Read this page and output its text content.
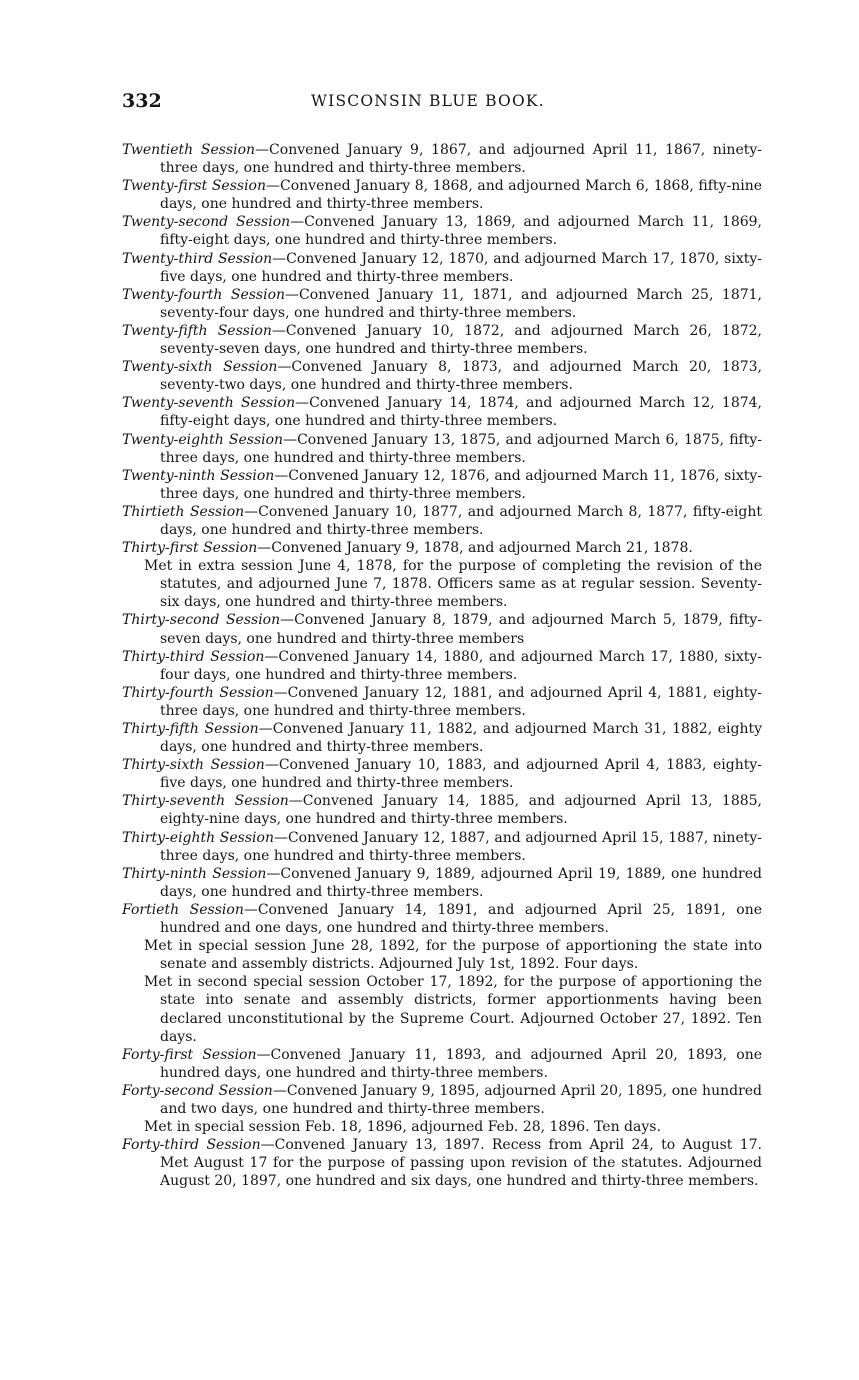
332	WISCONSIN BLUE BOOK.
Twentieth Session—Convened January 9, 1867, and adjourned April 11, 1867, ninety-three days, one hundred and thirty-three members.
Twenty-first Session—Convened January 8, 1868, and adjourned March 6, 1868, fifty-nine days, one hundred and thirty-three members.
Twenty-second Session—Convened January 13, 1869, and adjourned March 11, 1869, fifty-eight days, one hundred and thirty-three members.
Twenty-third Session—Convened January 12, 1870, and adjourned March 17, 1870, sixty-five days, one hundred and thirty-three members.
Twenty-fourth Session—Convened January 11, 1871, and adjourned March 25, 1871, seventy-four days, one hundred and thirty-three members.
Twenty-fifth Session—Convened January 10, 1872, and adjourned March 26, 1872, seventy-seven days, one hundred and thirty-three members.
Twenty-sixth Session—Convened January 8, 1873, and adjourned March 20, 1873, seventy-two days, one hundred and thirty-three members.
Twenty-seventh Session—Convened January 14, 1874, and adjourned March 12, 1874, fifty-eight days, one hundred and thirty-three members.
Twenty-eighth Session—Convened January 13, 1875, and adjourned March 6, 1875, fifty-three days, one hundred and thirty-three members.
Twenty-ninth Session—Convened January 12, 1876, and adjourned March 11, 1876, sixty-three days, one hundred and thirty-three members.
Thirtieth Session—Convened January 10, 1877, and adjourned March 8, 1877, fifty-eight days, one hundred and thirty-three members.
Thirty-first Session—Convened January 9, 1878, and adjourned March 21, 1878.
Met in extra session June 4, 1878, for the purpose of completing the revision of the statutes, and adjourned June 7, 1878. Officers same as at regular session. Seventy-six days, one hundred and thirty-three members.
Thirty-second Session—Convened January 8, 1879, and adjourned March 5, 1879, fifty-seven days, one hundred and thirty-three members
Thirty-third Session—Convened January 14, 1880, and adjourned March 17, 1880, sixty-four days, one hundred and thirty-three members.
Thirty-fourth Session—Convened January 12, 1881, and adjourned April 4, 1881, eighty-three days, one hundred and thirty-three members.
Thirty-fifth Session—Convened January 11, 1882, and adjourned March 31, 1882, eighty days, one hundred and thirty-three members.
Thirty-sixth Session—Convened January 10, 1883, and adjourned April 4, 1883, eighty-five days, one hundred and thirty-three members.
Thirty-seventh Session—Convened January 14, 1885, and adjourned April 13, 1885, eighty-nine days, one hundred and thirty-three members.
Thirty-eighth Session—Convened January 12, 1887, and adjourned April 15, 1887, ninety-three days, one hundred and thirty-three members.
Thirty-ninth Session—Convened January 9, 1889, adjourned April 19, 1889, one hundred days, one hundred and thirty-three members.
Fortieth Session—Convened January 14, 1891, and adjourned April 25, 1891, one hundred and one days, one hundred and thirty-three members.
Met in special session June 28, 1892, for the purpose of apportioning the state into senate and assembly districts. Adjourned July 1st, 1892. Four days.
Met in second special session October 17, 1892, for the purpose of apportioning the state into senate and assembly districts, former apportionments having been declared unconstitutional by the Supreme Court. Adjourned October 27, 1892. Ten days.
Forty-first Session—Convened January 11, 1893, and adjourned April 20, 1893, one hundred days, one hundred and thirty-three members.
Forty-second Session—Convened January 9, 1895, adjourned April 20, 1895, one hundred and two days, one hundred and thirty-three members.
Met in special session Feb. 18, 1896, adjourned Feb. 28, 1896. Ten days.
Forty-third Session—Convened January 13, 1897. Recess from April 24, to August 17. Met August 17 for the purpose of passing upon revision of the statutes. Adjourned August 20, 1897, one hundred and six days, one hundred and thirty-three members.
